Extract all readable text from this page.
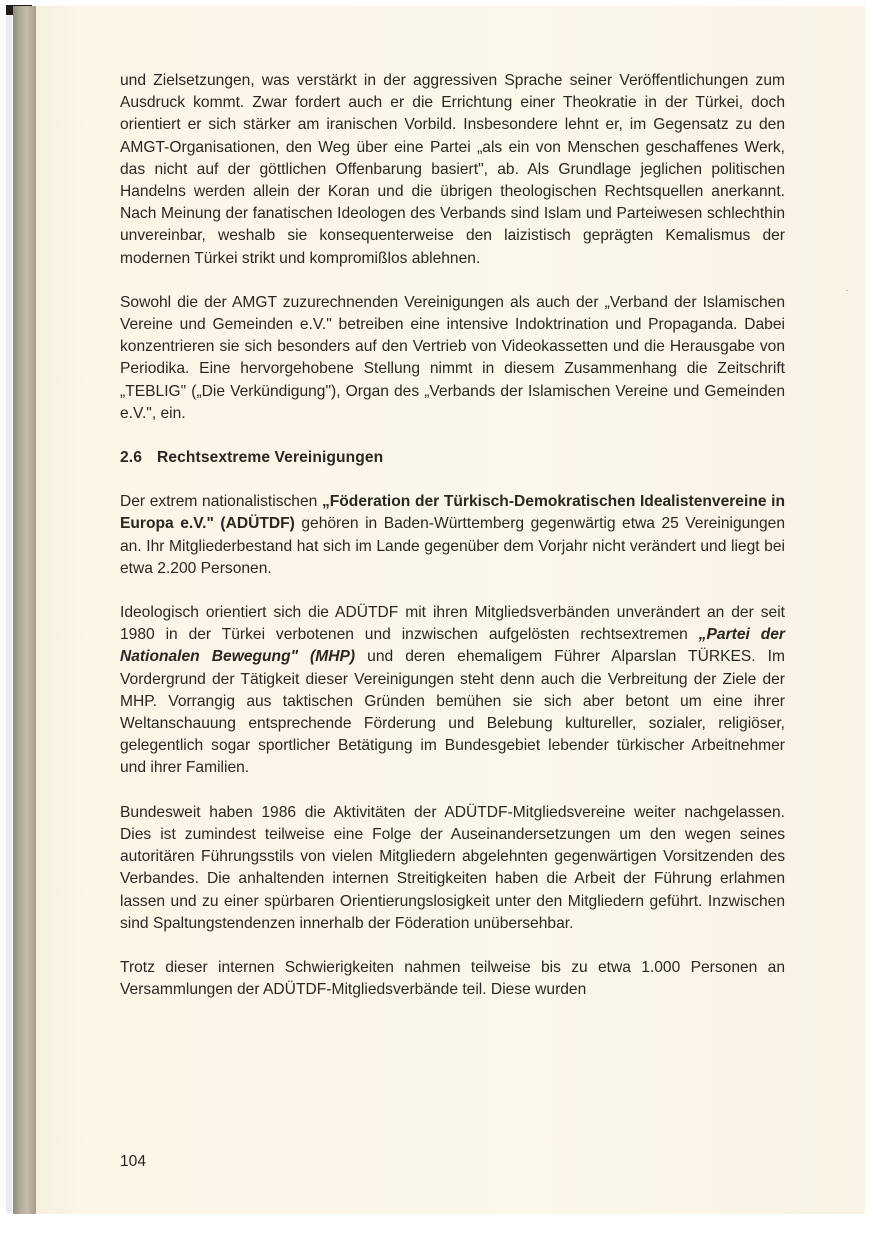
und Zielsetzungen, was verstärkt in der aggressiven Sprache seiner Veröffentlichungen zum Ausdruck kommt. Zwar fordert auch er die Errichtung einer Theokratie in der Türkei, doch orientiert er sich stärker am iranischen Vorbild. Insbesondere lehnt er, im Gegensatz zu den AMGT-Organisationen, den Weg über eine Partei „als ein von Menschen geschaffenes Werk, das nicht auf der göttlichen Offenbarung basiert", ab. Als Grundlage jeglichen politischen Handelns werden allein der Koran und die übrigen theologischen Rechtsquellen anerkannt. Nach Meinung der fanatischen Ideologen des Verbands sind Islam und Parteiwesen schlechthin unvereinbar, weshalb sie konsequenterweise den laizistisch geprägten Kemalismus der modernen Türkei strikt und kompromißlos ablehnen.

Sowohl die der AMGT zuzurechnenden Vereinigungen als auch der „Verband der Islamischen Vereine und Gemeinden e.V." betreiben eine intensive Indoktrination und Propaganda. Dabei konzentrieren sie sich besonders auf den Vertrieb von Videokassetten und die Herausgabe von Periodika. Eine hervorgehobene Stellung nimmt in diesem Zusammenhang die Zeitschrift „TEBLIG" („Die Verkündigung"), Organ des „Verbands der Islamischen Vereine und Gemeinden e.V.", ein.

2.6 Rechtsextreme Vereinigungen

Der extrem nationalistischen „Föderation der Türkisch-Demokratischen Idealistenvereine in Europa e.V." (ADÜTDF) gehören in Baden-Württemberg gegenwärtig etwa 25 Vereinigungen an. Ihr Mitgliederbestand hat sich im Lande gegenüber dem Vorjahr nicht verändert und liegt bei etwa 2.200 Personen.

Ideologisch orientiert sich die ADÜTDF mit ihren Mitgliedsverbänden unverändert an der seit 1980 in der Türkei verbotenen und inzwischen aufgelösten rechtsextremen „Partei der Nationalen Bewegung" (MHP) und deren ehemaligem Führer Alparslan TÜRKES. Im Vordergrund der Tätigkeit dieser Vereinigungen steht denn auch die Verbreitung der Ziele der MHP. Vorrangig aus taktischen Gründen bemühen sie sich aber betont um eine ihrer Weltanschauung entsprechende Förderung und Belebung kultureller, sozialer, religiöser, gelegentlich sogar sportlicher Betätigung im Bundesgebiet lebender türkischer Arbeitnehmer und ihrer Familien.

Bundesweit haben 1986 die Aktivitäten der ADÜTDF-Mitgliedsvereine weiter nachgelassen. Dies ist zumindest teilweise eine Folge der Auseinandersetzungen um den wegen seines autoritären Führungsstils von vielen Mitgliedern abgelehnten gegenwärtigen Vorsitzenden des Verbandes. Die anhaltenden internen Streitigkeiten haben die Arbeit der Führung erlahmen lassen und zu einer spürbaren Orientierungslosigkeit unter den Mitgliedern geführt. Inzwischen sind Spaltungstendenzen innerhalb der Föderation unübersehbar.

Trotz dieser internen Schwierigkeiten nahmen teilweise bis zu etwa 1.000 Personen an Versammlungen der ADÜTDF-Mitgliedsverbände teil. Diese wurden

104
